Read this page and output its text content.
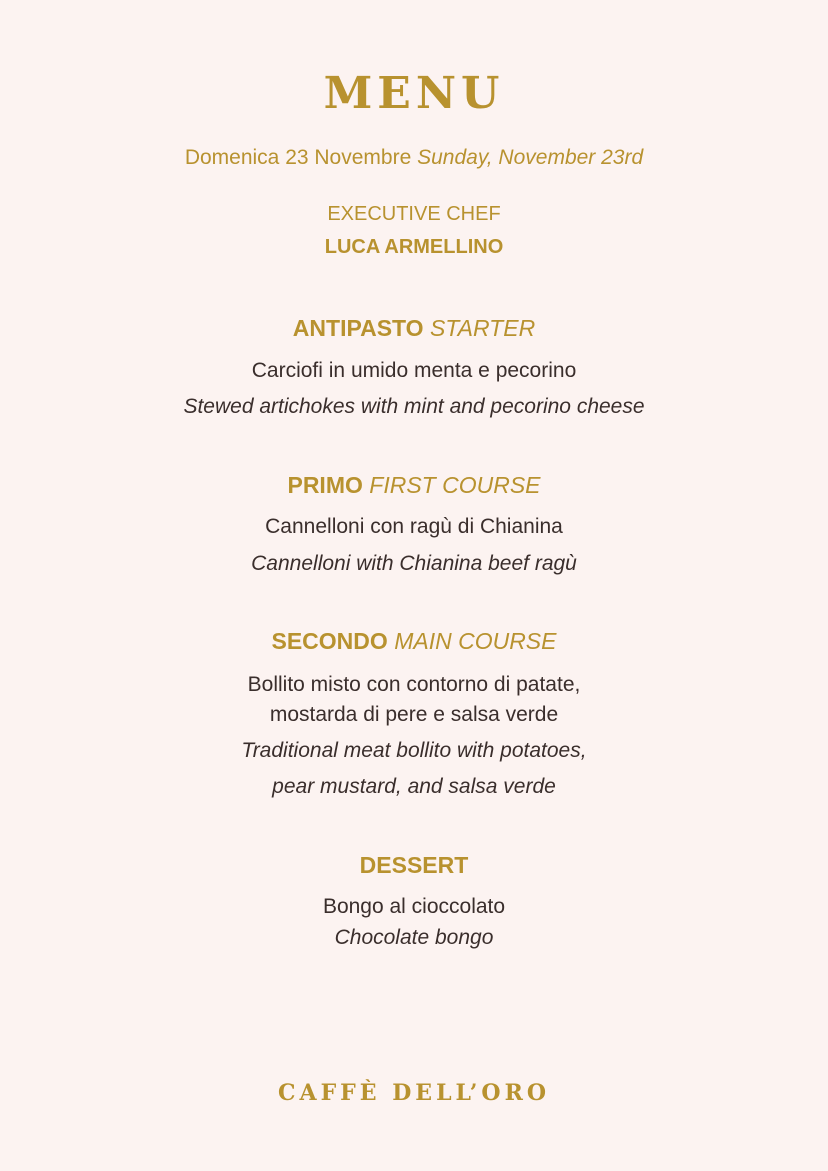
MENU
Domenica 23 Novembre Sunday, November 23rd
EXECUTIVE CHEF
LUCA ARMELLINO
ANTIPASTO STARTER
Carciofi in umido menta e pecorino
Stewed artichokes with mint and pecorino cheese
PRIMO FIRST COURSE
Cannelloni con ragù di Chianina
Cannelloni with Chianina beef ragù
SECONDO MAIN COURSE
Bollito misto con contorno di patate,
mostarda di pere e salsa verde
Traditional meat bollito with potatoes,
pear mustard, and salsa verde
DESSERT
Bongo al cioccolato
Chocolate bongo
CAFFÈ DELL’ORO
